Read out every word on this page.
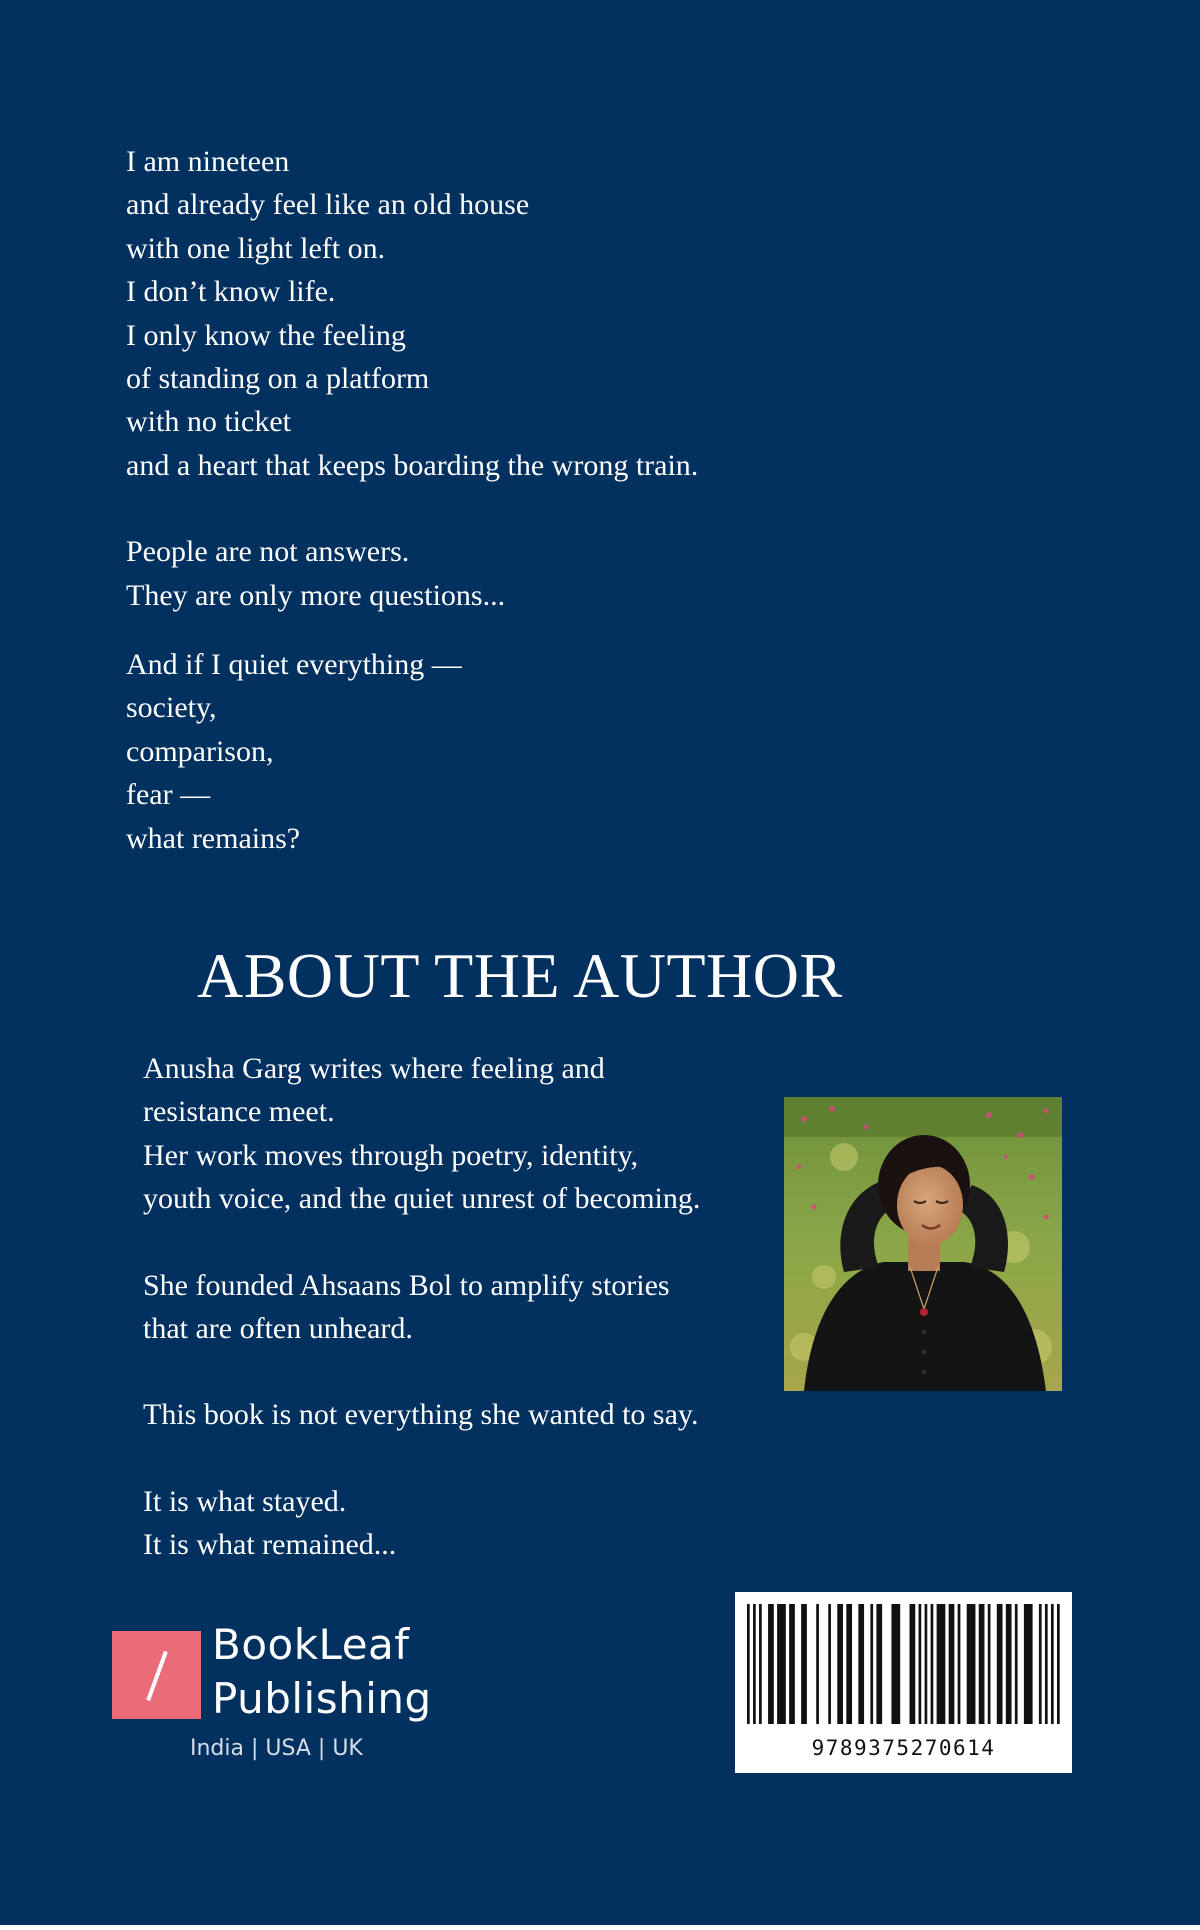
I am nineteen
and already feel like an old house
with one light left on.
I don’t know life.
I only know the feeling
of standing on a platform
with no ticket
and a heart that keeps boarding the wrong train.
People are not answers.
They are only more questions...
And if I quiet everything —
society,
comparison,
fear —
what remains?
ABOUT THE AUTHOR
Anusha Garg writes where feeling and
resistance meet.
Her work moves through poetry, identity,
youth voice, and the quiet unrest of becoming.
She founded Ahsaans Bol to amplify stories
that are often unheard.
This book is not everything she wanted to say.
It is what stayed.
It is what remained...
BookLeaf
Publishing
India | USA | UK	9789375270614
